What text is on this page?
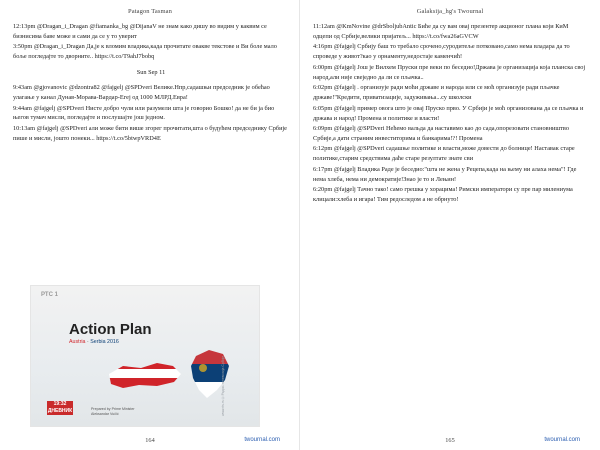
Patagon Tasman

12:13pm @Dragan_i_Dragan @fiamanka_bg @DijanaV не знам како дишу во видим у каквим се бизнисима баве може и сами да се у то уверит

3:50pm @Dragan_i_Dragan Да,је к вломим владика,када прочитате овакве текстове и Ви боле мало боље погледајте то дворните.. https://t.co/T9ahJ7bobq

Sun Sep 11

9:43am @gjovanovic @dzontra82 @fajgelj @SPDveri Велике.Нпр,садашњи председник је обећао улагање у канал Дунав-Морава-Вардар-Егеј од 1000 МЛРД.Евра!

9:44am @fajgelj @SPDveri Нисте добро чули или разумели шта је говорио Бошко! да не би ја био његов тумач мисли, погледајте и послушајте још једном.

10:13am @fajgelj @SPDveri али може бити више згорег прочитати,шта о будућем председнику Србије пише и мисли, јошто понеки... https://t.co/5btwpVRD4E

РТС 1
Action Plan
Austria · Serbia 2016
19:32
ДНЕВНИК	Prepared by Prime Minister
Aleksandar Vučić	www.rts.rs ©Радио-телевизија Србије
164	twournal.com
Galaksija_hg's Twournal

11:12am @KmNovine @drSboljubAntic Биће да су вам овај презентер акционог плана који КиМ одцепи од Србије,велики пријатељ... https://t.co/fwa26aGVCW

4:16pm @fajgelj Србију баш то требало срочено,суродитеље потковано,само нема владара да то спроведе у живот?као у орнаменту,недостаје каменчић!

6:00pm @fajgelj Још је Вилхем Пруски пре веки по беседио!Држава је организација која планска свој народ,али није свеједно да ли се пљачка..

6:02pm @fajgelj . организује ради моћи државе и народа или се моћ организује ради пљачке државе!"Кредити, приватизације, задуживања...су школски

6:05pm @fajgelj пример овога што је овај Пруско прво. У Србији је моћ организована да се пљачка и држава и народ! Промена и политике и власти!

6:09pm @fajgelj @SPDveri Нећемо вальда да наставимо као до сада,опорезовати становништво Србије,а дати страним инвеститорима и банкарима!?! Промена

6:12pm @fajgelj @SPDveri садашње политике и власти,може довести до болнице! Наставак старе политике,старим средствима даће старе резултате знате сви

6:17pm @fajgelj Владика Раде је беседио:"шта не жена у Рецепа,када на њему ни алаха нема"! Где нема хлеба, нема ни демократије!Знао је то и Лењин!

6:20pm @fajgelj Тачно тако! само грешка у хорацима! Римски императори су пре пар милениума клицали:хлеба и игара! Тим редоследом а не обрнуто!

165	twournal.com
